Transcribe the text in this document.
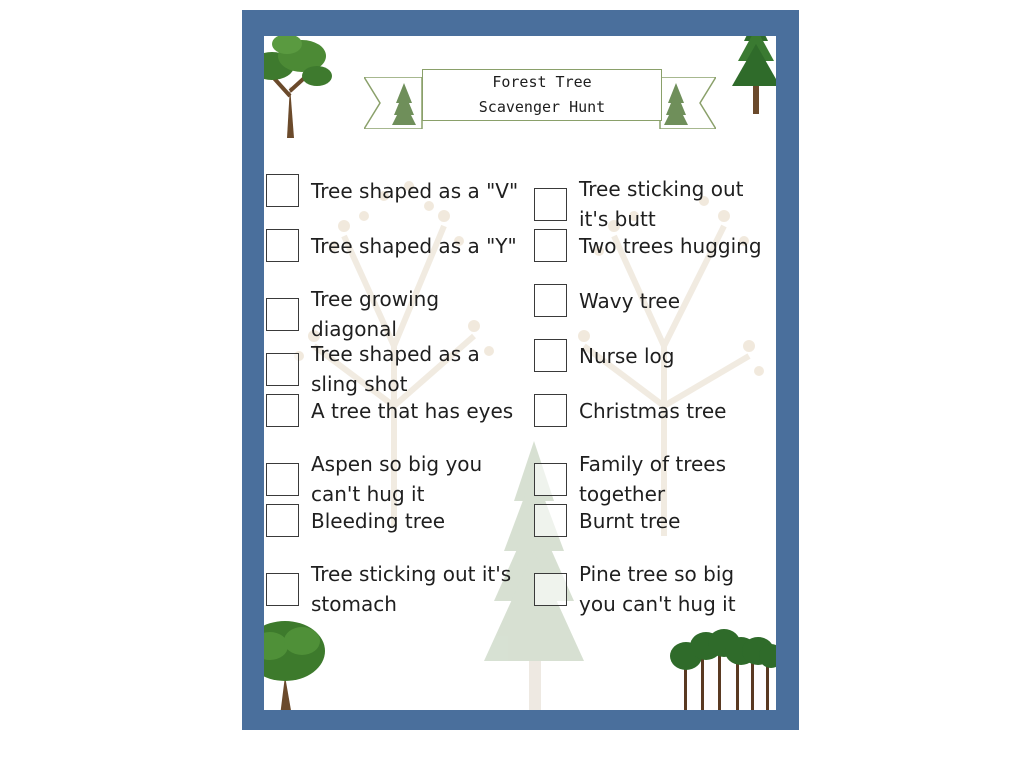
Forest Tree
Scavenger Hunt
Tree shaped as a "V"
Tree shaped as a "Y"
Tree growing diagonal
Tree shaped as a sling shot
A tree that has eyes
Aspen so big you can't hug it
Bleeding tree
Tree sticking out it's stomach
Tree sticking out it's butt
Two trees hugging
Wavy tree
Nurse log
Christmas tree
Family of trees together
Burnt tree
Pine tree so big you can't hug it
